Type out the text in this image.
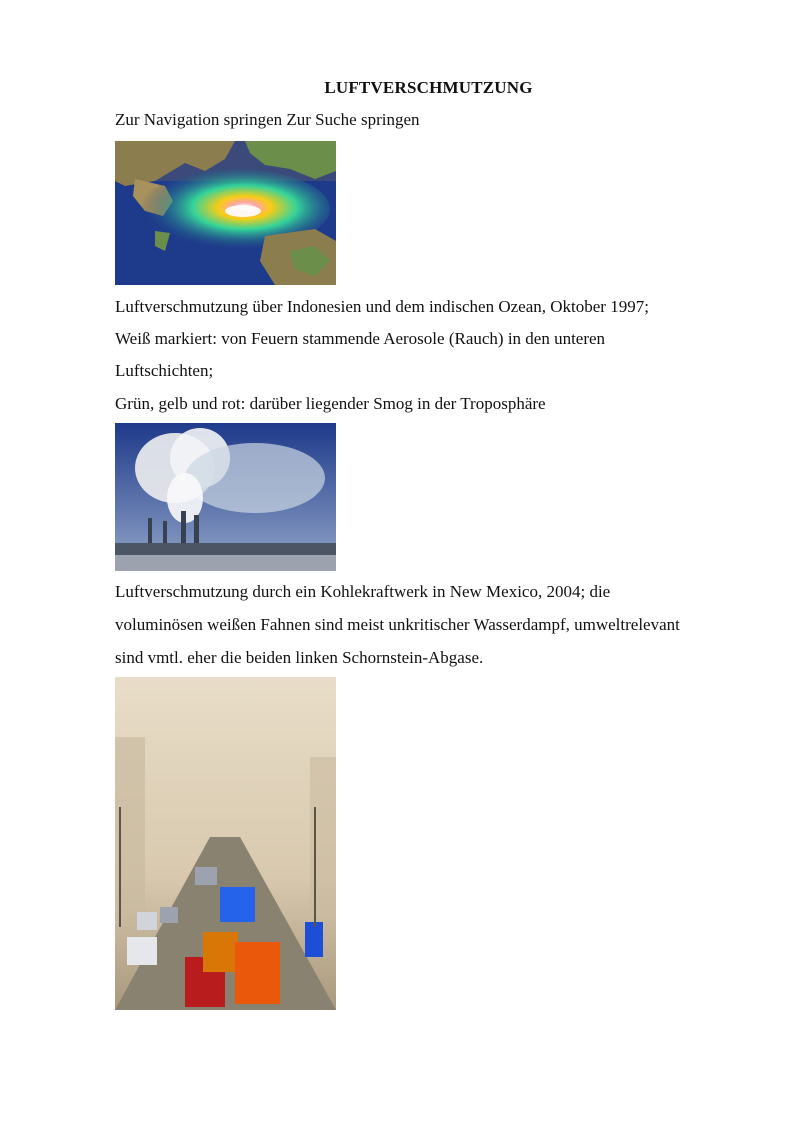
LUFTVERSCHMUTZUNG
Zur Navigation springen Zur Suche springen
Luftverschmutzung über Indonesien und dem indischen Ozean, Oktober 1997;
Weiß markiert: von Feuern stammende Aerosole (Rauch) in den unteren
Luftschichten;
Grün, gelb und rot: darüber liegender Smog in der Troposphäre
Luftverschmutzung durch ein Kohlekraftwerk in New Mexico, 2004; die
voluminösen weißen Fahnen sind meist unkritischer Wasserdampf, umweltrelevant
sind vmtl. eher die beiden linken Schornstein-Abgase.
